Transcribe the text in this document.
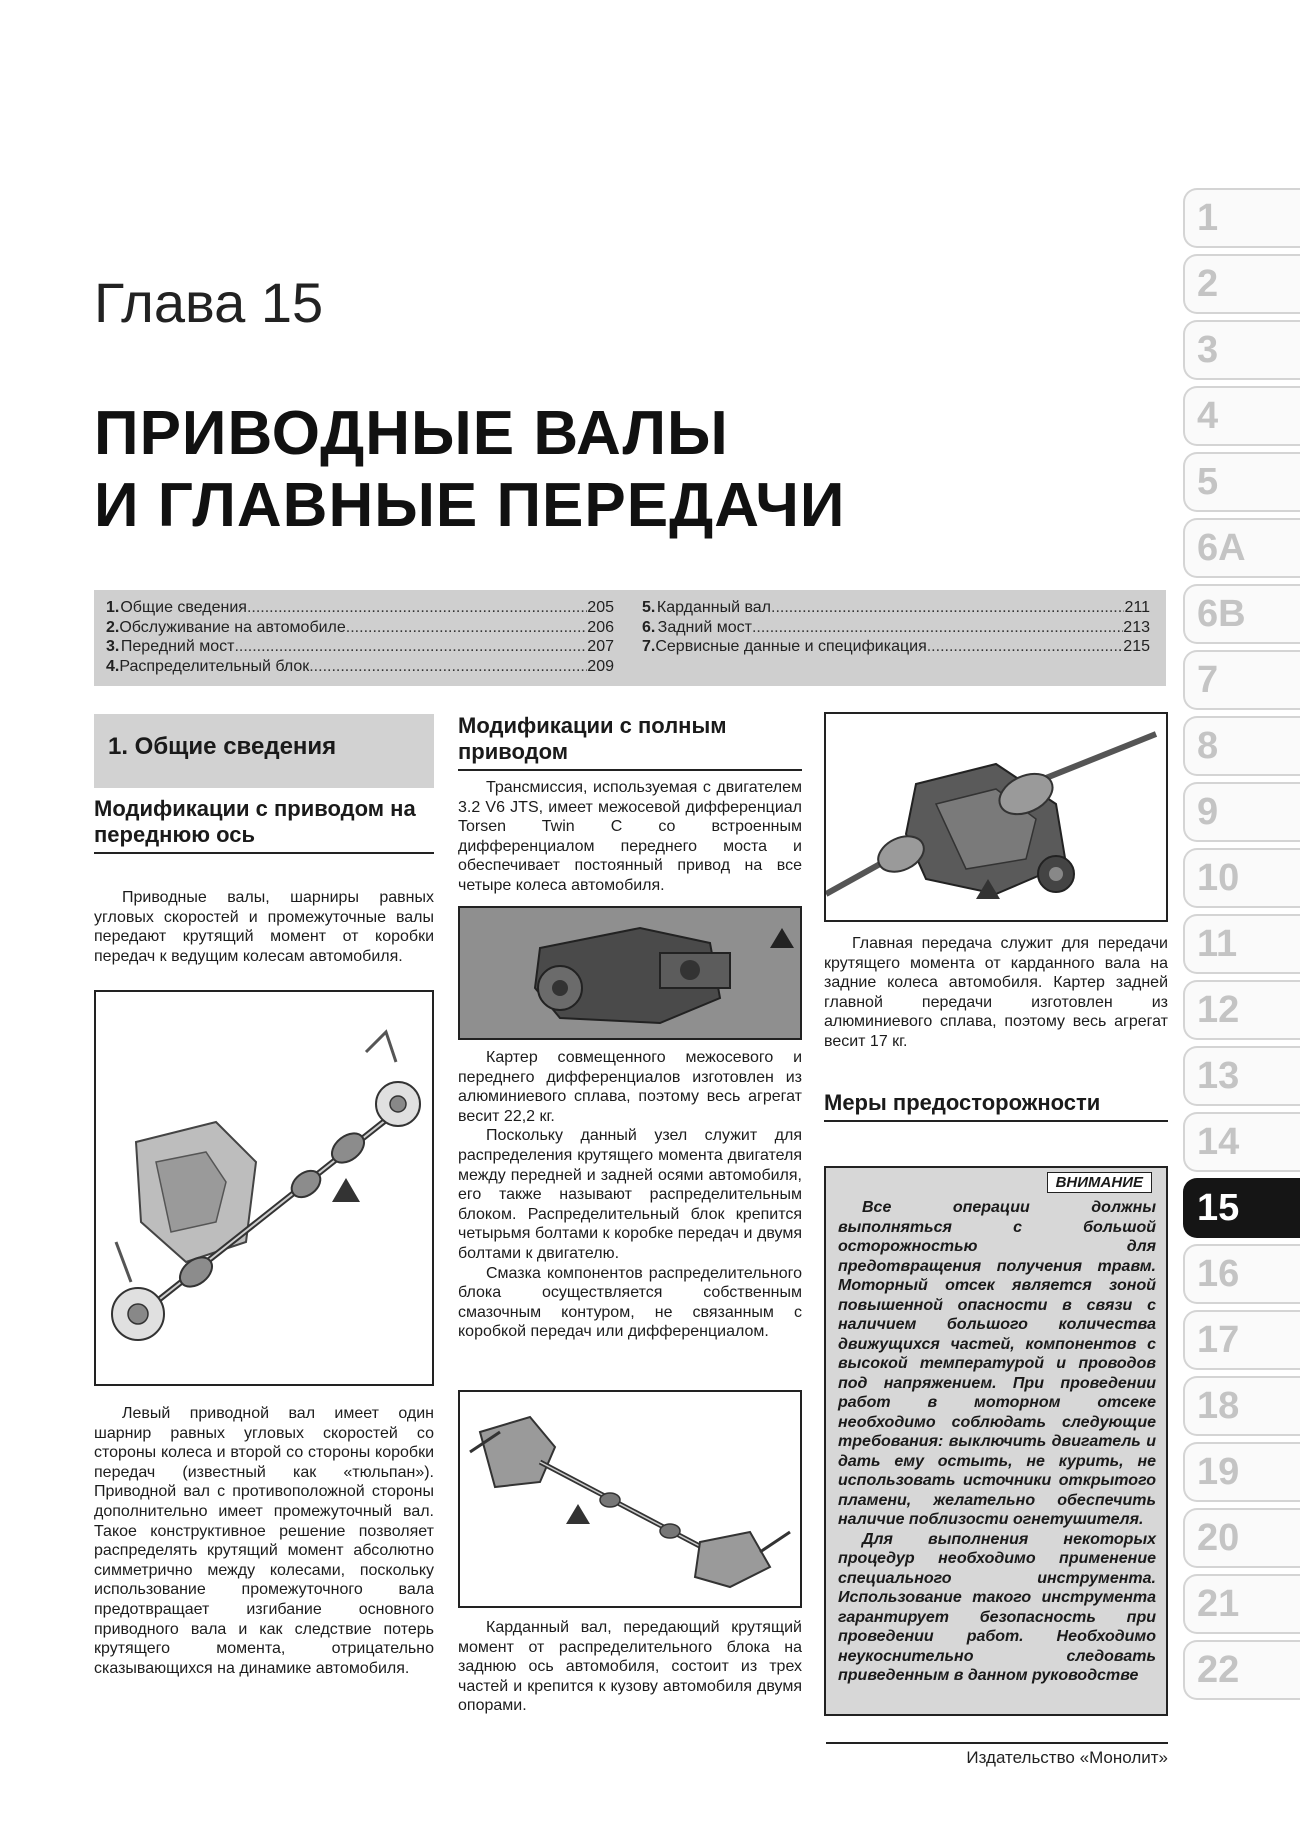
Глава 15
ПРИВОДНЫЕ ВАЛЫ
И ГЛАВНЫЕ ПЕРЕДАЧИ
1. Общие сведения .....	205
2. Обслуживание на автомобиле .....	206
3. Передний мост .....	207
4. Распределительный блок .....	209
5. Карданный вал .....	211
6. Задний мост .....	213
7. Сервисные данные и спецификация .....	215
1
2
3
4
5
6A
6B
7
8
9
10
11
12
13
14
15
16
17
18
19
20
21
22
1. Общие сведения
Модификации с приводом на переднюю ось

Приводные валы, шарниры равных угловых скоростей и промежуточные валы передают крутящий момент от коробки передач к ведущим колесам автомобиля.

Левый приводной вал имеет один шарнир равных угловых скоростей со стороны колеса и второй со стороны коробки передач (известный как «тюльпан»). Приводной вал с противоположной стороны дополнительно имеет промежуточный вал. Такое конструктивное решение позволяет распределять крутящий момент абсолютно симметрично между колесами, поскольку использование промежуточного вала предотвращает изгибание основного приводного вала и как следствие потерь крутящего момента, отрицательно сказывающихся на динамике автомобиля.

Модификации с полным приводом

Трансмиссия, используемая с двигателем 3.2 V6 JTS, имеет межосевой дифференциал Torsen Twin C со встроенным дифференциалом переднего моста и обеспечивает постоянный привод на все четыре колеса автомобиля.

Картер совмещенного межосевого и переднего дифференциалов изготовлен из алюминиевого сплава, поэтому весь агрегат весит 22,2 кг.

Поскольку данный узел служит для распределения крутящего момента двигателя между передней и задней осями автомобиля, его также называют распределительным блоком. Распределительный блок крепится четырьмя болтами к коробке передач и двумя болтами к двигателю.

Смазка компонентов распределительного блока осуществляется собственным смазочным контуром, не связанным с коробкой передач или дифференциалом.

Карданный вал, передающий крутящий момент от распределительного блока на заднюю ось автомобиля, состоит из трех частей и крепится к кузову автомобиля двумя опорами.

Главная передача служит для передачи крутящего момента от карданного вала на задние колеса автомобиля. Картер задней главной передачи изготовлен из алюминиевого сплава, поэтому весь агрегат весит 17 кг.

Меры предосторожности
ВНИМАНИЕ

Все операции должны выполняться с большой осторожностью для предотвращения получения травм. Моторный отсек является зоной повышенной опасности в связи с наличием большого количества движущихся частей, компонентов с высокой температурой и проводов под напряжением. При проведении работ в моторном отсеке необходимо соблюдать следующие требования: выключить двигатель и дать ему остыть, не курить, не использовать источники открытого пламени, желательно обеспечить наличие поблизости огнетушителя.

Для выполнения некоторых процедур необходимо применение специального инструмента. Использование такого инструмента гарантирует безопасность при проведении работ. Необходимо неукоснительно следовать приведенным в данном руководстве

Издательство «Монолит»
